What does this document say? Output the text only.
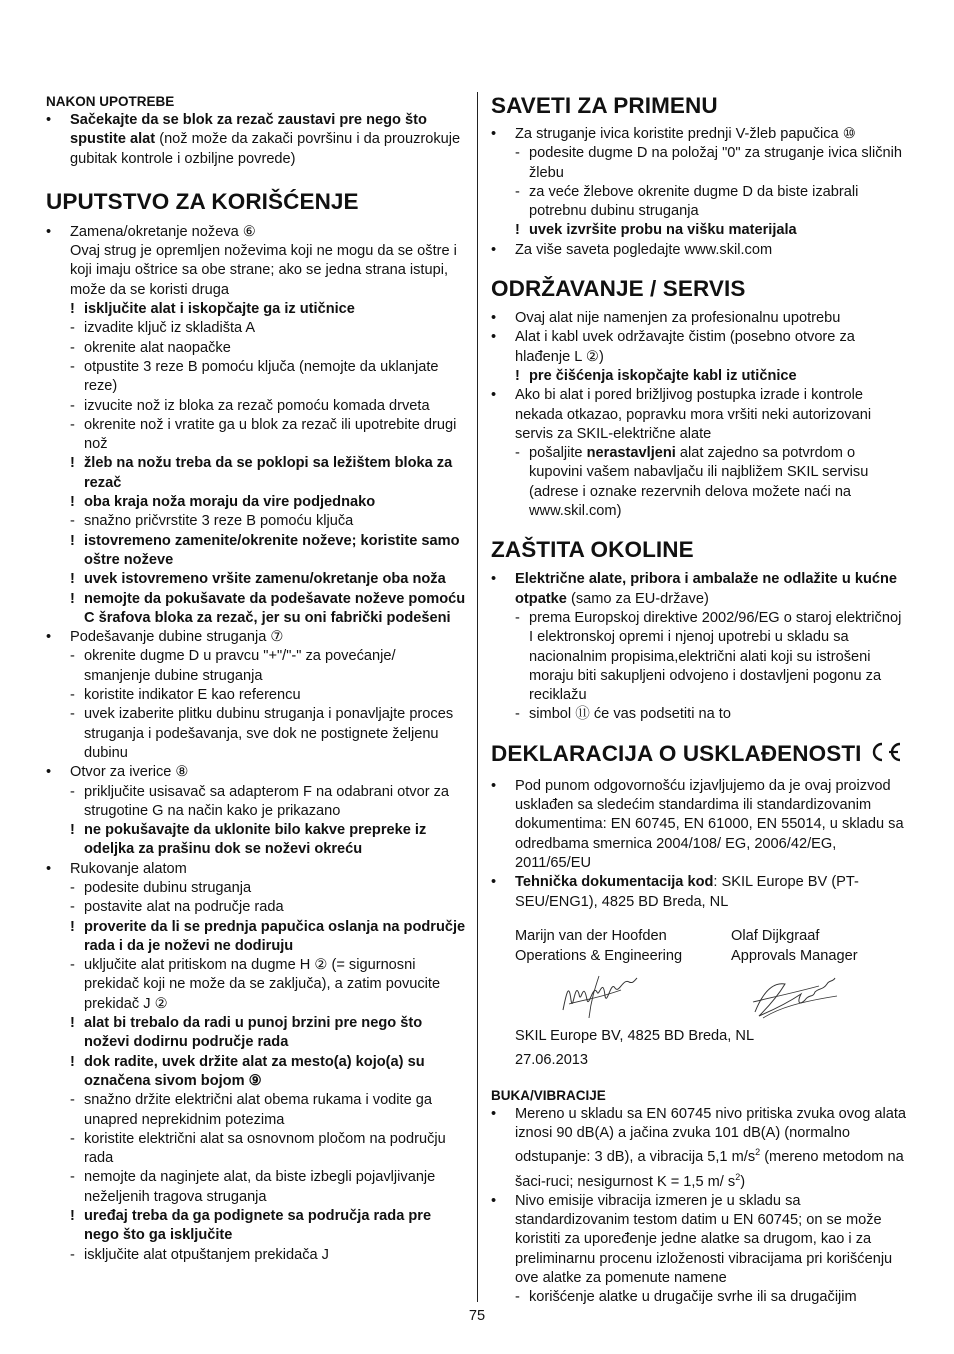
NAKON UPOTREBE
• Sačekajte da se blok za rezač zaustavi pre nego što spustite alat (nož može da zakači površinu i da prouzrokuje gubitak kontrole i ozbiljne povrede)
UPUTSTVO ZA KORIŠĆENJE
• Zamena/okretanje noževa ⑥
Ovaj strug je opremljen noževima koji ne mogu da se oštre i koji imaju oštrice sa obe strane; ako se jedna strana istupi, može da se koristi druga
! isključite alat i iskopčajte ga iz utičnice
- izvadite ključ iz skladišta A
- okrenite alat naopačke
- otpustite 3 reze B pomoću ključa (nemojte da uklanjate reze)
- izvucite nož iz bloka za rezač pomoću komada drveta
- okrenite nož i vratite ga u blok za rezač ili upotrebite drugi nož
! žleb na nožu treba da se poklopi sa ležištem bloka za rezač
! oba kraja noža moraju da vire podjednako
- snažno pričvrstite 3 reze B pomoću ključa
! istovremeno zamenite/okrenite noževe; koristite samo oštre noževe
! uvek istovremeno vršite zamenu/okretanje oba noža
! nemojte da pokušavate da podešavate noževe pomoću C šrafova bloka za rezač, jer su oni fabrički podešeni
• Podešavanje dubine struganja ⑦
- okrenite dugme D u pravcu "+"/"-" za povećanje/ smanjenje dubine struganja
- koristite indikator E kao referencu
- uvek izaberite plitku dubinu struganja i ponavljajte proces struganja i podešavanja, sve dok ne postignete željenu dubinu
• Otvor za iverice ⑧
- priključite usisavač sa adapterom F na odabrani otvor za strugotine G na način kako je prikazano
! ne pokušavajte da uklonite bilo kakve prepreke iz odeljka za prašinu dok se noževi okreću
• Rukovanje alatom
- podesite dubinu struganja
- postavite alat na područje rada
! proverite da li se prednja papučica oslanja na područje rada i da je noževi ne dodiruju
- uključite alat pritiskom na dugme H ② (= sigurnosni prekidač koji ne može da se zaključa), a zatim povucite prekidač J ②
! alat bi trebalo da radi u punoj brzini pre nego što noževi dodirnu područje rada
! dok radite, uvek držite alat za mesto(a) kojo(a) su označena sivom bojom ⑨
- snažno držite električni alat obema rukama i vodite ga unapred neprekidnim potezima
- koristite električni alat sa osnovnom pločom na području rada
- nemojte da naginjete alat, da biste izbegli pojavljivanje neželjenih tragova struganja
! uređaj treba da ga podignete sa područja rada pre nego što ga isključite
- isključite alat otpuštanjem prekidača J
SAVETI ZA PRIMENU
• Za struganje ivica koristite prednji V-žleb papučica ⑩
- podesite dugme D na položaj "0" za struganje ivica sličnih žlebu
- za veće žlebove okrenite dugme D da biste izabrali potrebnu dubinu struganja
! uvek izvršite probu na višku materijala
• Za više saveta pogledajte www.skil.com
ODRŽAVANJE / SERVIS
• Ovaj alat nije namenjen za profesionalnu upotrebu
• Alat i kabl uvek održavajte čistim (posebno otvore za hlađenje L ②)
! pre čišćenja iskopčajte kabl iz utičnice
• Ako bi alat i pored brižljivog postupka izrade i kontrole nekada otkazao, popravku mora vršiti neki autorizovani servis za SKIL-električne alate
- pošaljite nerastavljeni alat zajedno sa potvrdom o kupovini vašem nabavljaču ili najbližem SKIL servisu (adrese i oznake rezervnih delova možete naći na www.skil.com)
ZAŠTITA OKOLINE
• Električne alate, pribora i ambalaže ne odlažite u kućne otpatke (samo za EU-države)
- prema Europskoj direktive 2002/96/EG o staroj električnoj I elektronskoj opremi i njenoj upotrebi u skladu sa nacionalnim propisima,električni alati koji su istrošeni moraju biti sakupljeni odvojeno i dostavljeni pogonu za reciklažu
- simbol ⑪ će vas podsetiti na to
DEKLARACIJA O USKLAĐENOSTI
• Pod punom odgovornošću izjavljujemo da je ovaj proizvod usklađen sa sledećim standardima ili standardizovanim dokumentima: EN 60745, EN 61000, EN 55014, u skladu sa odredbama smernica 2004/108/ EG, 2006/42/EG, 2011/65/EU
• Tehnička dokumentacija kod: SKIL Europe BV (PT-SEU/ENG1), 4825 BD Breda, NL
Marijn van der Hoofden
Operations & Engineering
Olaf Dijkgraaf
Approvals Manager
SKIL Europe BV, 4825 BD Breda, NL
27.06.2013
BUKA/VIBRACIJE
• Mereno u skladu sa EN 60745 nivo pritiska zvuka ovog alata iznosi 90 dB(A) a jačina zvuka 101 dB(A) (normalno odstupanje: 3 dB), a vibracija 5,1 $m/s^2$ (mereno metodom na šaci-ruci; nesigurnost K = 1,5 m/ $s^2$)
• Nivo emisije vibracija izmeren je u skladu sa standardizovanim testom datim u EN 60745; on se može koristiti za upoređenje jedne alatke sa drugom, kao i za preliminarnu procenu izloženosti vibracijama pri korišćenju ove alatke za pomenute namene
- korišćenje alatke u drugačije svrhe ili sa drugačijim
75
